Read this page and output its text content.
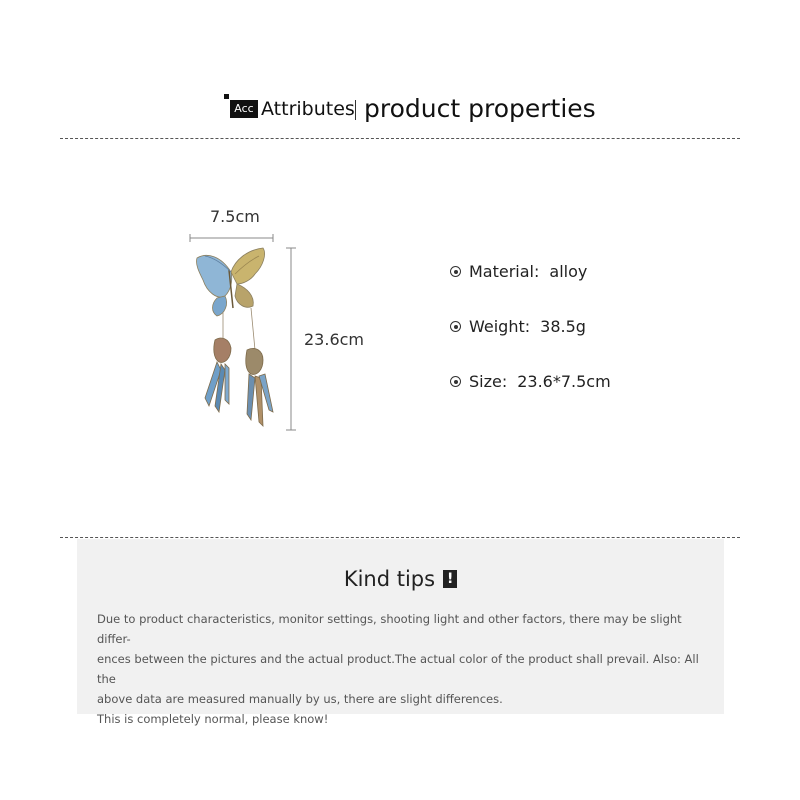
Acc Attributes product properties
7.5cm
23.6cm
Material : alloy
Weight : 38.5g
Size : 23.6*7.5cm
Kind tips !

Due to product characteristics, monitor settings, shooting light and other factors, there may be slight differ-

ences between the pictures and the actual product.The actual color of the product shall prevail. Also: All the

above data are measured manually by us, there are slight differences.

This is completely normal, please know!
